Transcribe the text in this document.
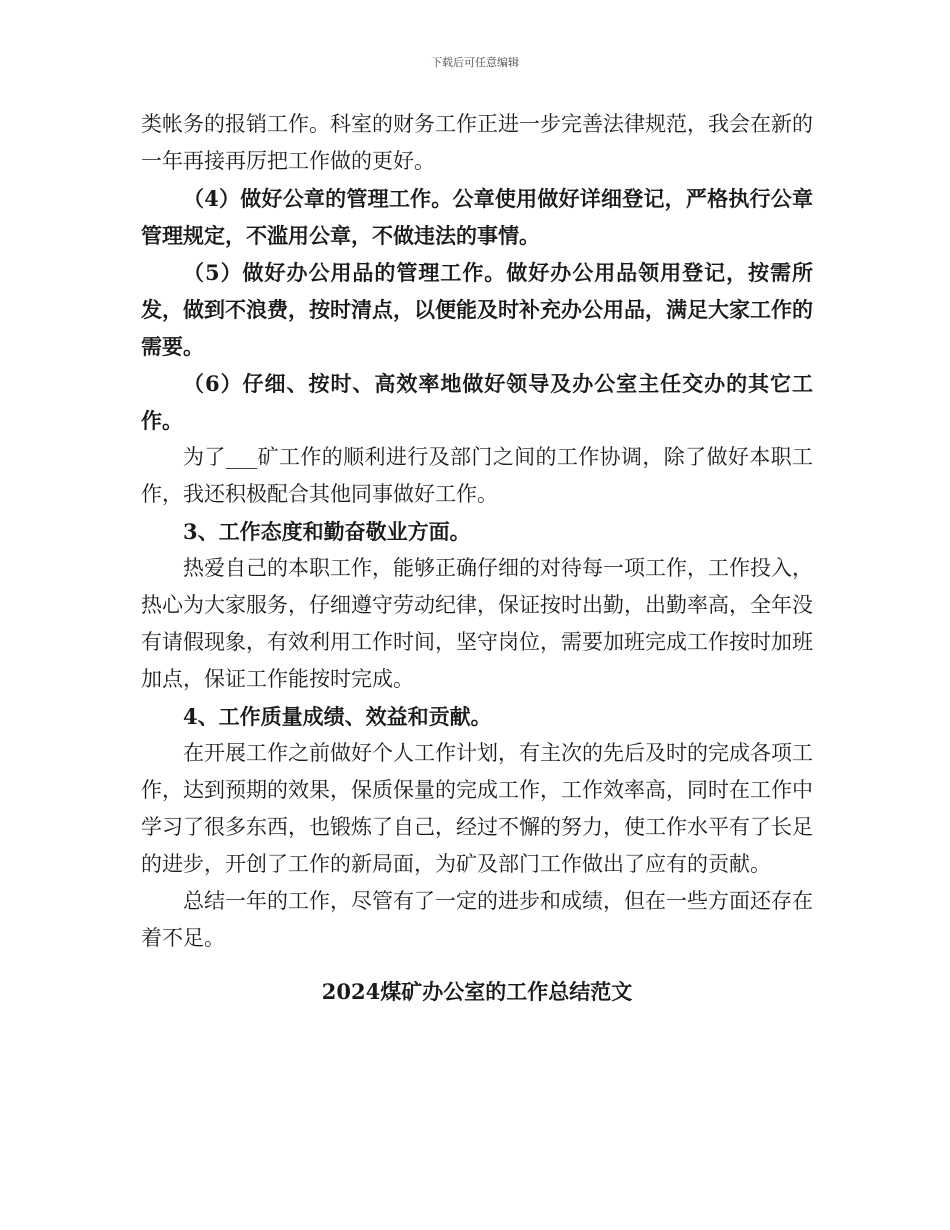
下载后可任意编辑

类帐务的报销工作。科室的财务工作正进一步完善法律规范，我会在新的一年再接再厉把工作做的更好。

（4）做好公章的管理工作。公章使用做好详细登记，严格执行公章管理规定，不滥用公章，不做违法的事情。

（5）做好办公用品的管理工作。做好办公用品领用登记，按需所发，做到不浪费，按时清点，以便能及时补充办公用品，满足大家工作的需要。

（6）仔细、按时、高效率地做好领导及办公室主任交办的其它工作。

为了___矿工作的顺利进行及部门之间的工作协调，除了做好本职工作，我还积极配合其他同事做好工作。

3、工作态度和勤奋敬业方面。

热爱自己的本职工作，能够正确仔细的对待每一项工作，工作投入，热心为大家服务，仔细遵守劳动纪律，保证按时出勤，出勤率高，全年没有请假现象，有效利用工作时间，坚守岗位，需要加班完成工作按时加班加点，保证工作能按时完成。

4、工作质量成绩、效益和贡献。

在开展工作之前做好个人工作计划，有主次的先后及时的完成各项工作，达到预期的效果，保质保量的完成工作，工作效率高，同时在工作中学习了很多东西，也锻炼了自己，经过不懈的努力，使工作水平有了长足的进步，开创了工作的新局面，为矿及部门工作做出了应有的贡献。

总结一年的工作，尽管有了一定的进步和成绩，但在一些方面还存在着不足。

2024煤矿办公室的工作总结范文
